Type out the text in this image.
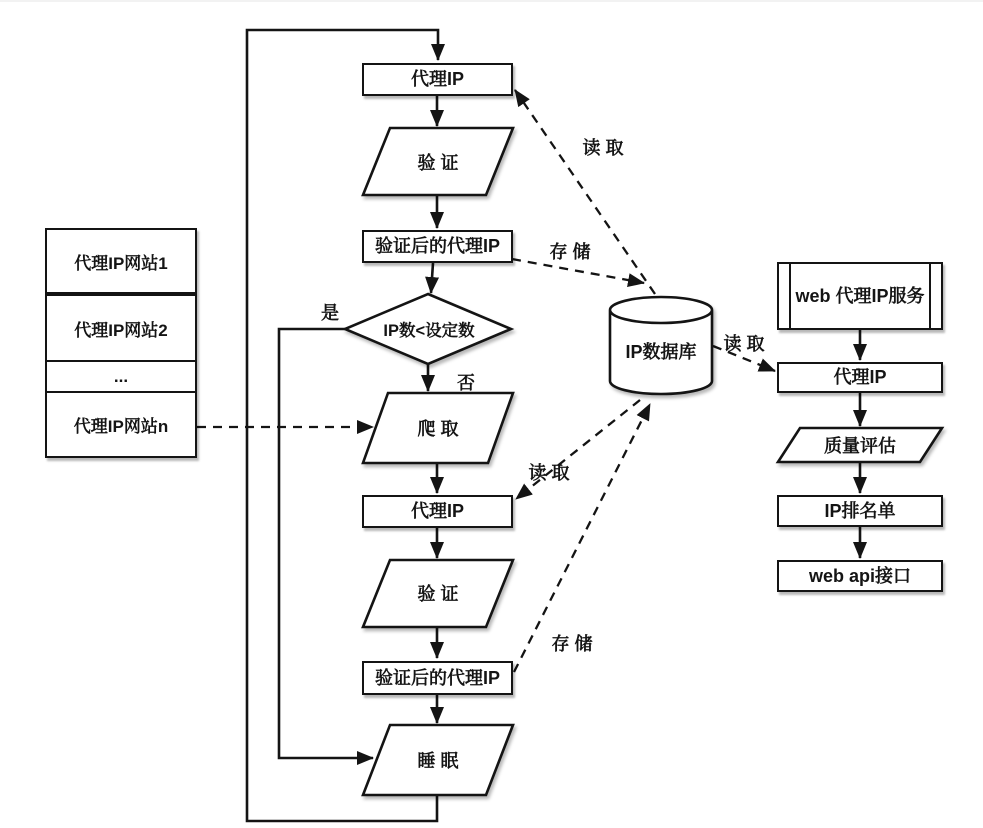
代理IP网站1
代理IP网站2
...
代理IP网站n
代理IP
验证后的代理IP
代理IP
验证后的代理IP
web 代理IP服务
代理IP
IP排名单
web api接口
验 证
爬 取
验 证
睡 眠
IP数<设定数
IP数据库
质量评估
是
否
读 取
存 储
读 取
读 取
存 储
